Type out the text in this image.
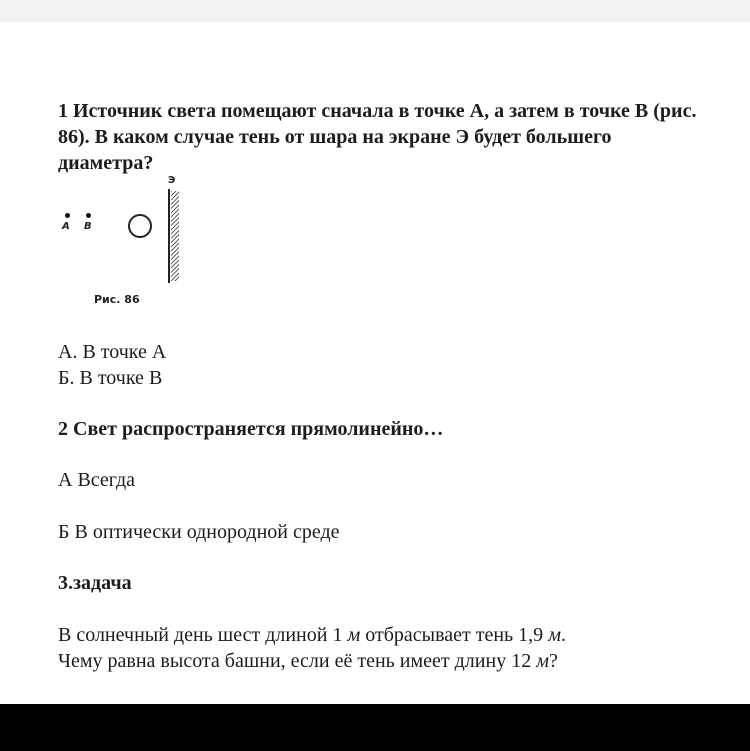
1 Источник света помещают сначала в точке А, а затем в точке В (рис. 86). В каком случае тень от шара на экране Э будет большего диаметра?
A B
Э
Рис. 86
А. В точке А
Б. В точке В
2 Свет распространяется прямолинейно…
А Всегда
Б В оптически однородной среде
3.задача
В солнечный день шест длиной 1 м отбрасывает тень 1,9 м.
Чему равна высота башни, если её тень имеет длину 12 м?
